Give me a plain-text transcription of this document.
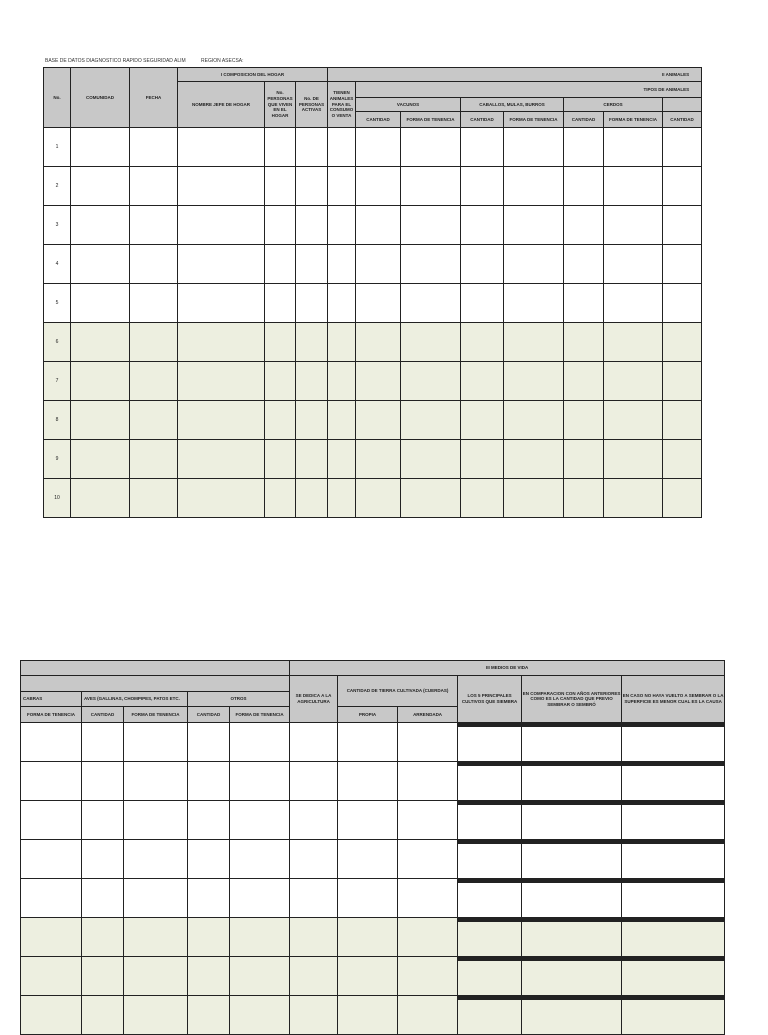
BASE DE DATOS DIAGNOSTICO RAPIDO SEGURIDAD ALIM	REGION ASECSA:
No.	COMUNIDAD	FECHA	I COMPOSICION DEL HOGAR			II ANIMALES							
			NOMBRE JEFE DE HOGAR	No. PERSONAS QUE VIVEN EN EL HOGAR	No. DE PERSONAS ACTIVAS	TIENEN ANIMALES PARA EL CONSUMO O VENTA	TIPOS DE ANIMALES						
							VACUNOS		CABALLOS, MULAS, BURROS		CERDOS		
							CANTIDAD	FORMA DE TENENCIA	CANTIDAD	FORMA DE TENENCIA	CANTIDAD	FORMA DE TENENCIA	CANTIDAD
1													
2													
3													
4													
5													
6													
7													
8													
9													
10													
					III MEDIOS DE VIDA					
					SE DEDICA A LA AGRICULTURA	CANTIDAD DE TIERRA CULTIVADA (CUERDAS)		LOS 5 PRINCIPALES CULTIVOS QUE SIEMBRA	EN COMPARACION CON AÑOS ANTERIORES COMO ES LA CANTIDAD QUE PREVIO SEMBRAR O SEMBRÓ	EN CASO NO HAYA VUELTO A SEMBRAR O LA SUPERFICIE ES MENOR CUAL ES LA CAUSA
CABRAS	AVES (GALLINAS, CHOMPIPES, PATOS ETC.		OTROS							
FORMA DE TENENCIA	CANTIDAD	FORMA DE TENENCIA	CANTIDAD	FORMA DE TENENCIA		PROPIA	ARRENDADA			
